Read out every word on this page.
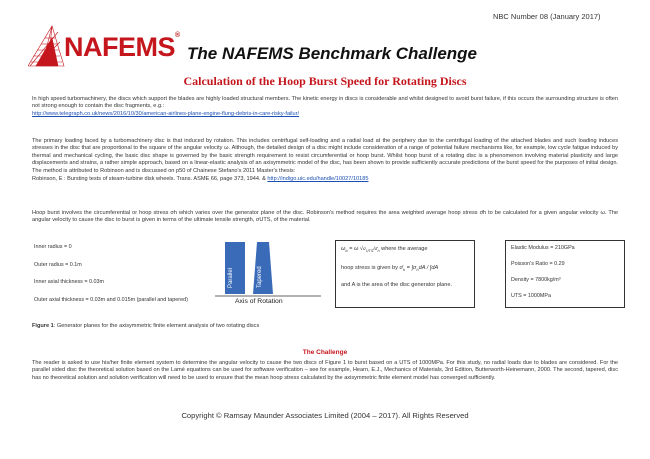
NAFEMS®
The NAFEMS Benchmark Challenge
NBC Number 08 (January 2017)
Calculation of the Hoop Burst Speed for Rotating Discs

In high speed turbomachinery, the discs which support the blades are highly loaded structural members. The kinetic energy in discs is considerable and whilst designed to avoid burst failure, if this occurs the surrounding structure is often not strong enough to contain the disc fragments, e.g.:

http://www.telegraph.co.uk/news/2016/10/30/american-airlines-plane-engine-flung-debris-in-care-risky-failur/

The primary loading faced by a turbomachinery disc is that induced by rotation. This includes centrifugal self-loading and a radial load at the periphery due to the centrifugal loading of the attached blades and such loading induces stresses in the disc that are proportional to the square of the angular velocity ω. Although, the detailed design of a disc might include consideration of a range of potential failure mechanisms like, for example, low cycle fatigue induced by thermal and mechanical cycling, the basic disc shape is governed by the basic strength requirement to resist circumferential or hoop burst. Whilst hoop burst of a rotating disc is a phenomenon involving material plasticity and large displacements and strains, a rather simple approach, based on a linear-elastic analysis of an axisymmetric model of the disc, has been shown to provide sufficiently accurate predictions of the burst speed for the purposes of initial design. The method is attributed to Robinson and is discussed on p50 of Chainese Stefano's 2011 Master's thesis:

Robinson, E : Bursting tests of steam-turbine disk wheels. Trans. ASME 66, page 373, 1944. & http://indigo.uic.edu/handle/10027/10185

Hoop burst involves the circumferential or hoop stress σh which varies over the generator plane of the disc. Robinson's method requires the area weighted average hoop stress σ̄h to be calculated for a given angular velocity ω. The angular velocity to cause the disc to burst is given in terms of the ultimate tensile strength, σUTS, of the material.

Inner radius = 0
Outer radius = 0.1m
Inner axial thickness = 0.03m
Outer axial thickness = 0.03m and 0.015m (parallel and tapered)
Parallel	Tapered
Axis of Rotation
$\omega_b = \omega$ $√\sigma_{UTS}/\sigmā_h$ where the average
hoop stress is given by $\sigmā_h = \int\sigma_hdA / \int dA$
and A is the area of the disc generator plane.
Elastic Modulus = 210GPa
Poisson's Ratio = 0.29
Density = 7800kg/m³
UTS = 1000MPa
Figure 1: Generator planes for the axisymmetric finite element analysis of two rotating discs
The Challenge

The reader is asked to use his/her finite element system to determine the angular velocity to cause the two discs of Figure 1 to burst based on a UTS of 1000MPa. For this study, no radial loads due to blades are considered. For the parallel sided disc the theoretical solution based on the Lamé equations can be used for software verification – see for example, Hearn, E.J., Mechanics of Materials, 3rd Edition, Butterworth-Heinemann, 2000. The second, tapered, disc has no theoretical solution and solution verification will need to be used to ensure that the mean hoop stress calculated by the axisymmetric finite element model has converged sufficiently.

Copyright © Ramsay Maunder Associates Limited (2004 – 2017). All Rights Reserved
